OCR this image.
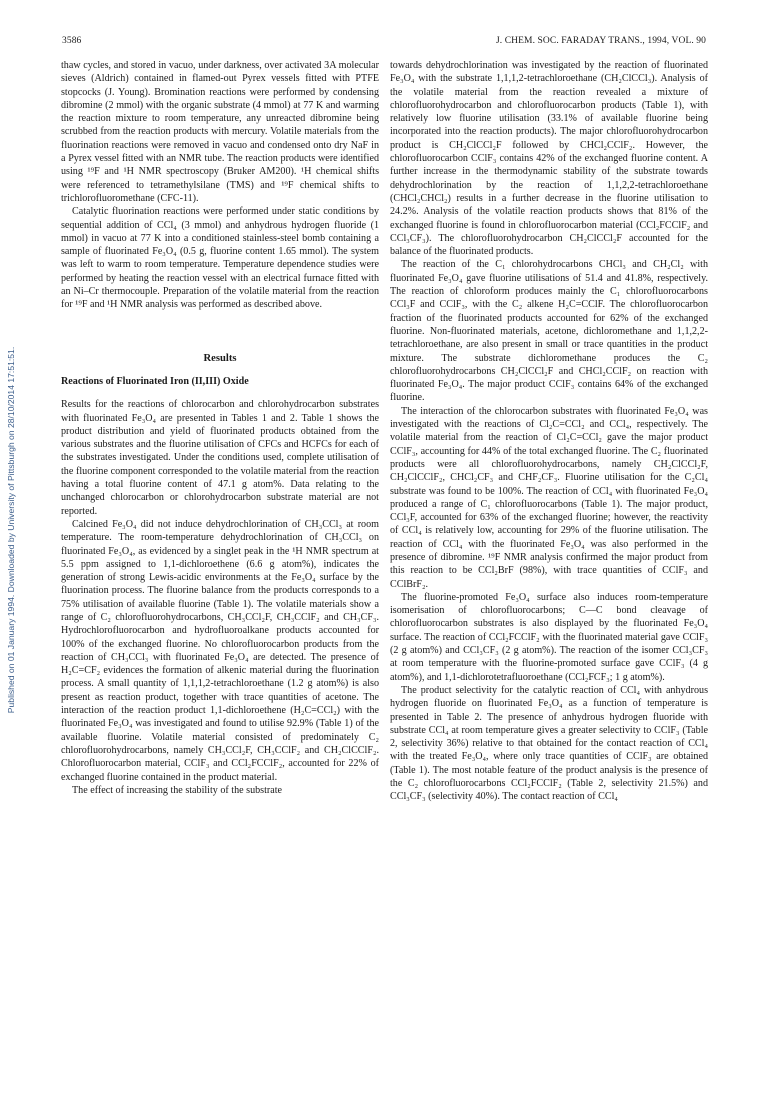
3586	J. CHEM. SOC. FARADAY TRANS., 1994, VOL. 90
Published on 01 January 1994. Downloaded by University of Pittsburgh on 28/10/2014 17:51:51.

thaw cycles, and stored in vacuo, under darkness, over activated 3A molecular sieves (Aldrich) contained in flamed-out Pyrex vessels fitted with PTFE stopcocks (J. Young). Bromination reactions were performed by condensing dibromine (2 mmol) with the organic substrate (4 mmol) at 77 K and warming the reaction mixture to room temperature, any unreacted dibromine being scrubbed from the reaction products with mercury. Volatile materials from the fluorination reactions were removed in vacuo and condensed onto dry NaF in a Pyrex vessel fitted with an NMR tube. The reaction products were identified using ¹⁹F and ¹H NMR spectroscopy (Bruker AM200). ¹H chemical shifts were referenced to tetramethylsilane (TMS) and ¹⁹F chemical shifts to trichlorofluoromethane (CFC-11).

Catalytic fluorination reactions were performed under static conditions by sequential addition of CCl₄ (3 mmol) and anhydrous hydrogen fluoride (1 mmol) in vacuo at 77 K into a conditioned stainless-steel bomb containing a sample of fluorinated Fe₃O₄ (0.5 g, fluorine content 1.65 mmol). The system was left to warm to room temperature. Temperature dependence studies were performed by heating the reaction vessel with an electrical furnace fitted with an Ni–Cr thermocouple. Preparation of the volatile material from the reaction for ¹⁹F and ¹H NMR analysis was performed as described above.

Results
Reactions of Fluorinated Iron (II,III) Oxide

Results for the reactions of chlorocarbon and chlorohydrocarbon substrates with fluorinated Fe₃O₄ are presented in Tables 1 and 2. Table 1 shows the product distribution and yield of fluorinated products obtained from the various substrates and the fluorine utilisation of CFCs and HCFCs for each of the substrates investigated. Under the conditions used, complete utilisation of the fluorine component corresponded to the volatile material from the reaction having a total fluorine content of 47.1 g atom%. Data relating to the unchanged chlorocarbon or chlorohydrocarbon substrate material are not reported.

Calcined Fe₃O₄ did not induce dehydrochlorination of CH₃CCl₃ at room temperature. The room-temperature dehydrochlorination of CH₃CCl₃ on fluorinated Fe₃O₄, as evidenced by a singlet peak in the ¹H NMR spectrum at 5.5 ppm assigned to 1,1-dichloroethene (6.6 g atom%), indicates the generation of strong Lewis-acidic environments at the Fe₃O₄ surface by the fluorination process. The fluorine balance from the products corresponds to a 75% utilisation of available fluorine (Table 1). The volatile materials show a range of C₂ chlorofluorohydrocarbons, CH₃CCl₂F, CH₃CClF₂ and CH₃CF₃. Hydrochlorofluorocarbon and hydrofluoroalkane products accounted for 100% of the exchanged fluorine. No chlorofluorocarbon products from the reaction of CH₃CCl₃ with fluorinated Fe₃O₄ are detected. The presence of H₂C=CF₂ evidences the formation of alkenic material during the fluorination process. A small quantity of 1,1,1,2-tetrachloroethane (1.2 g atom%) is also present as reaction product, together with trace quantities of acetone. The interaction of the reaction product 1,1-dichloroethene (H₂C=CCl₂) with the fluorinated Fe₃O₄ was investigated and found to utilise 92.9% (Table 1) of the available fluorine. Volatile material consisted of predominately C₂ chlorofluorohydrocarbons, namely CH₃CCl₂F, CH₃CClF₂ and CH₂ClCClF₂. Chlorofluorocarbon material, CClF₃ and CCl₂FCClF₂, accounted for 22% of exchanged fluorine contained in the product material.

The effect of increasing the stability of the substrate

towards dehydrochlorination was investigated by the reaction of fluorinated Fe₃O₄ with the substrate 1,1,1,2-tetrachloroethane (CH₂ClCCl₃). Analysis of the volatile material from the reaction revealed a mixture of chlorofluorohydrocarbon and chlorofluorocarbon products (Table 1), with relatively low fluorine utilisation (33.1% of available fluorine being incorporated into the reaction products). The major chlorofluorohydrocarbon product is CH₂ClCCl₂F followed by CHCl₂CClF₂. However, the chlorofluorocarbon CClF₃ contains 42% of the exchanged fluorine content. A further increase in the thermodynamic stability of the substrate towards dehydrochlorination by the reaction of 1,1,2,2-tetrachloroethane (CHCl₂CHCl₂) results in a further decrease in the fluorine utilisation to 24.2%. Analysis of the volatile reaction products shows that 81% of the exchanged fluorine is found in chlorofluorocarbon material (CCl₂FCClF₂ and CCl₃CF₃). The chlorofluorohydrocarbon CH₂ClCCl₂F accounted for the balance of the fluorinated products.

The reaction of the C₁ chlorohydrocarbons CHCl₃ and CH₂Cl₂ with fluorinated Fe₃O₄ gave fluorine utilisations of 51.4 and 41.8%, respectively. The reaction of chloroform produces mainly the C₁ chlorofluorocarbons CCl₃F and CClF₃, with the C₂ alkene H₂C=CClF. The chlorofluorocarbon fraction of the fluorinated products accounted for 62% of the exchanged fluorine. Non-fluorinated materials, acetone, dichloromethane and 1,1,2,2-tetrachloroethane, are also present in small or trace quantities in the product mixture. The substrate dichloromethane produces the C₂ chlorofluorohydrocarbons CH₂ClCCl₂F and CHCl₂CClF₂ on reaction with fluorinated Fe₃O₄. The major product CClF₃ contains 64% of the exchanged fluorine.

The interaction of the chlorocarbon substrates with fluorinated Fe₃O₄ was investigated with the reactions of Cl₂C=CCl₂ and CCl₄, respectively. The volatile material from the reaction of Cl₂C=CCl₂ gave the major product CClF₃, accounting for 44% of the total exchanged fluorine. The C₂ fluorinated products were all chlorofluorohydrocarbons, namely CH₂ClCCl₂F, CH₂ClCClF₂, CHCl₂CF₃ and CHF₂CF₃. Fluorine utilisation for the C₂Cl₄ substrate was found to be 100%. The reaction of CCl₄ with fluorinated Fe₃O₄ produced a range of C₁ chlorofluorocarbons (Table 1). The major product, CCl₃F, accounted for 63% of the exchanged fluorine; however, the reactivity of CCl₄ is relatively low, accounting for 29% of the fluorine utilisation. The reaction of CCl₄ with the fluorinated Fe₃O₄ was also performed in the presence of dibromine. ¹⁹F NMR analysis confirmed the major product from this reaction to be CCl₂BrF (98%), with trace quantities of CClF₃ and CClBrF₂.

The fluorine-promoted Fe₃O₄ surface also induces room-temperature isomerisation of chlorofluorocarbons; C—C bond cleavage of chlorofluorocarbon substrates is also displayed by the fluorinated Fe₃O₄ surface. The reaction of CCl₂FCClF₂ with the fluorinated material gave CClF₃ (2 g atom%) and CCl₃CF₃ (2 g atom%). The reaction of the isomer CCl₃CF₃ at room temperature with the fluorine-promoted surface gave CClF₃ (4 g atom%), and 1,1-dichlorotetrafluoroethane (CCl₂FCF₃; 1 g atom%).

The product selectivity for the catalytic reaction of CCl₄ with anhydrous hydrogen fluoride on fluorinated Fe₃O₄ as a function of temperature is presented in Table 2. The presence of anhydrous hydrogen fluoride with substrate CCl₄ at room temperature gives a greater selectivity to CClF₃ (Table 2, selectivity 36%) relative to that obtained for the contact reaction of CCl₄ with the treated Fe₃O₄, where only trace quantities of CClF₃ are obtained (Table 1). The most notable feature of the product analysis is the presence of the C₂ chlorofluorocarbons CCl₂FCClF₂ (Table 2, selectivity 21.5%) and CCl₃CF₃ (selectivity 40%). The contact reaction of CCl₄
